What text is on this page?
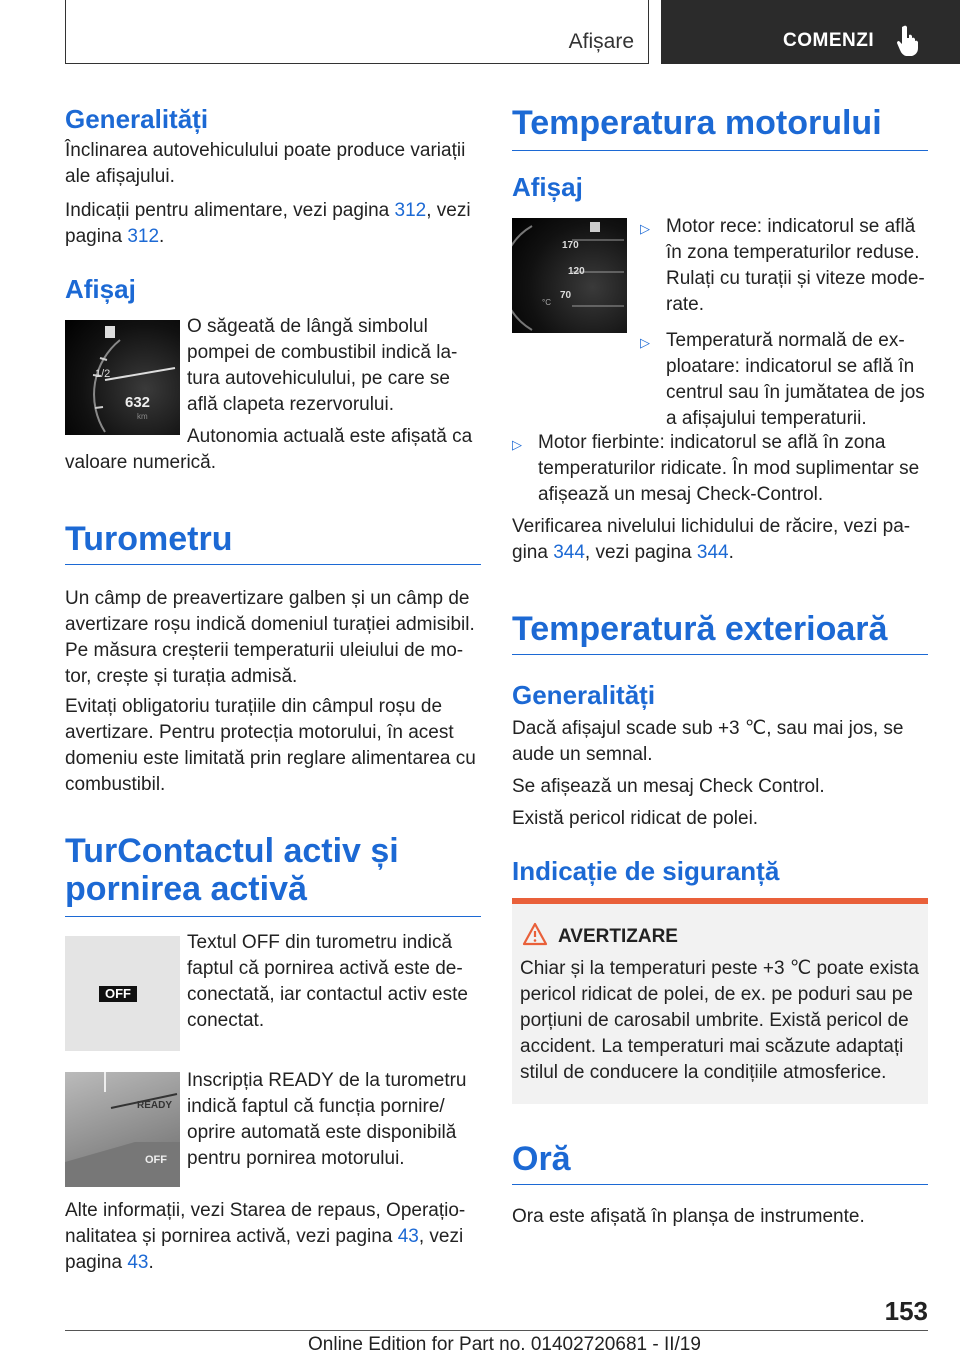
Afișare	COMENZI
Generalități

Înclinarea autovehiculului poate produce variații ale afișajului.

Indicații pentru alimentare, vezi pagina 312, vezi pagina 312.

Afișaj
1/2
632
km

O săgeată de lângă simbolul pompei de combustibil indică la-tura autovehiculului, pe care se află clapeta rezervorului.

Autonomia actuală este afișată ca valoare numerică.

Turometru

Un câmp de preavertizare galben și un câmp de avertizare roșu indică domeniul turației admisibil. Pe măsura creșterii temperaturii uleiului de mo-tor, crește și turația admisă.

Evitați obligatoriu turațiile din câmpul roșu de avertizare. Pentru protecția motorului, în acest domeniu este limitată prin reglare alimentarea cu combustibil.

TurContactul activ și
pornirea activă
OFF

Textul OFF din turometru indică faptul că pornirea activă este de-conectată, iar contactul activ este conectat.

READY
OFF

Inscripția READY de la turometru indică faptul că funcția pornire/ oprire automată este disponibilă pentru pornirea motorului.

Alte informații, vezi Starea de repaus, Operațio-nalitatea și pornirea activă, vezi pagina 43, vezi pagina 43.

Temperatura motorului
Afișaj
170
120
°C
70
▷ Motor rece: indicatorul se află în zona temperaturilor reduse. Rulați cu turații și viteze mode-rate.
▷ Temperatură normală de ex-ploatare: indicatorul se află în centrul sau în jumătatea de jos a afișajului temperaturii.
▷ Motor fierbinte: indicatorul se află în zona temperaturilor ridicate. În mod suplimentar se afișează un mesaj Check-Control.

Verificarea nivelului lichidului de răcire, vezi pa-gina 344, vezi pagina 344.

Temperatură exterioară
Generalități

Dacă afișajul scade sub +3 ℃, sau mai jos, se aude un semnal.

Se afișează un mesaj Check Control.

Există pericol ridicat de polei.

Indicație de siguranță
AVERTIZARE

Chiar și la temperaturi peste +3 ℃ poate exista pericol ridicat de polei, de ex. pe poduri sau pe porțiuni de carosabil umbrite. Există pericol de accident. La temperaturi mai scăzute adaptați stilul de conducere la condițiile atmosferice.

Oră

Ora este afișată în planșa de instrumente.

153
Online Edition for Part no. 01402720681 - II/19
